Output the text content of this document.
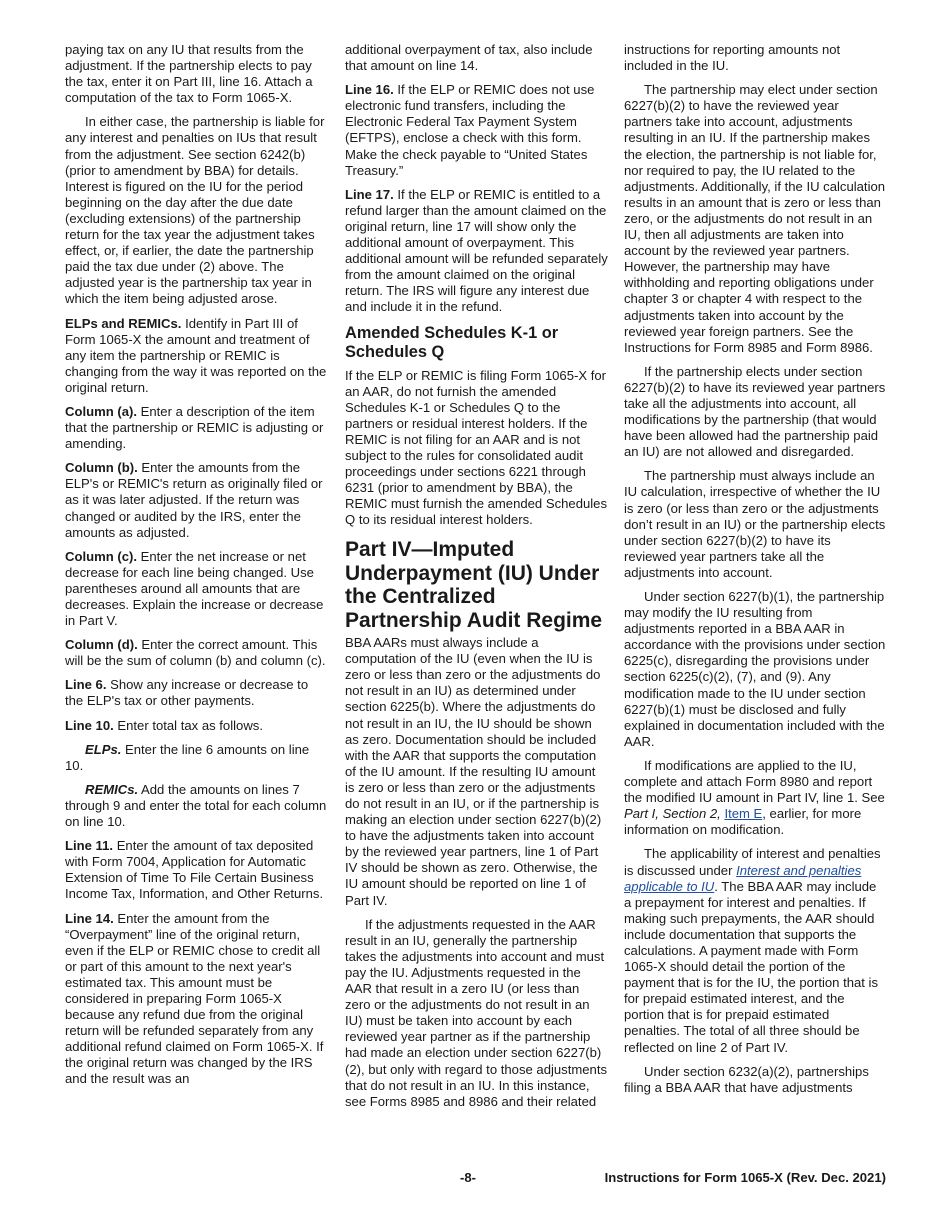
paying tax on any IU that results from the adjustment. If the partnership elects to pay the tax, enter it on Part III, line 16. Attach a computation of the tax to Form 1065-X.

In either case, the partnership is liable for any interest and penalties on IUs that result from the adjustment. See section 6242(b) (prior to amendment by BBA) for details. Interest is figured on the IU for the period beginning on the day after the due date (excluding extensions) of the partnership return for the tax year the adjustment takes effect, or, if earlier, the date the partnership paid the tax due under (2) above. The adjusted year is the partnership tax year in which the item being adjusted arose.

ELPs and REMICs. Identify in Part III of Form 1065-X the amount and treatment of any item the partnership or REMIC is changing from the way it was reported on the original return.

Column (a). Enter a description of the item that the partnership or REMIC is adjusting or amending.

Column (b). Enter the amounts from the ELP's or REMIC's return as originally filed or as it was later adjusted. If the return was changed or audited by the IRS, enter the amounts as adjusted.

Column (c). Enter the net increase or net decrease for each line being changed. Use parentheses around all amounts that are decreases. Explain the increase or decrease in Part V.

Column (d). Enter the correct amount. This will be the sum of column (b) and column (c).

Line 6. Show any increase or decrease to the ELP's tax or other payments.

Line 10. Enter total tax as follows.

ELPs. Enter the line 6 amounts on line 10.

REMICs. Add the amounts on lines 7 through 9 and enter the total for each column on line 10.

Line 11. Enter the amount of tax deposited with Form 7004, Application for Automatic Extension of Time To File Certain Business Income Tax, Information, and Other Returns.

Line 14. Enter the amount from the “Overpayment” line of the original return, even if the ELP or REMIC chose to credit all or part of this amount to the next year's estimated tax. This amount must be considered in preparing Form 1065-X because any refund due from the original return will be refunded separately from any additional refund claimed on Form 1065-X. If the original return was changed by the IRS and the result was an

additional overpayment of tax, also include that amount on line 14.

Line 16. If the ELP or REMIC does not use electronic fund transfers, including the Electronic Federal Tax Payment System (EFTPS), enclose a check with this form. Make the check payable to “United States Treasury.”

Line 17. If the ELP or REMIC is entitled to a refund larger than the amount claimed on the original return, line 17 will show only the additional amount of overpayment. This additional amount will be refunded separately from the amount claimed on the original return. The IRS will figure any interest due and include it in the refund.

Amended Schedules K-1 or Schedules Q

If the ELP or REMIC is filing Form 1065-X for an AAR, do not furnish the amended Schedules K-1 or Schedules Q to the partners or residual interest holders. If the REMIC is not filing for an AAR and is not subject to the rules for consolidated audit proceedings under sections 6221 through 6231 (prior to amendment by BBA), the REMIC must furnish the amended Schedules Q to its residual interest holders.

Part IV—Imputed Underpayment (IU) Under the Centralized Partnership Audit Regime

BBA AARs must always include a computation of the IU (even when the IU is zero or less than zero or the adjustments do not result in an IU) as determined under section 6225(b). Where the adjustments do not result in an IU, the IU should be shown as zero. Documentation should be included with the AAR that supports the computation of the IU amount. If the resulting IU amount is zero or less than zero or the adjustments do not result in an IU, or if the partnership is making an election under section 6227(b)(2) to have the adjustments taken into account by the reviewed year partners, line 1 of Part IV should be shown as zero. Otherwise, the IU amount should be reported on line 1 of Part IV.

If the adjustments requested in the AAR result in an IU, generally the partnership takes the adjustments into account and must pay the IU. Adjustments requested in the AAR that result in a zero IU (or less than zero or the adjustments do not result in an IU) must be taken into account by each reviewed year partner as if the partnership had made an election under section 6227(b)(2), but only with regard to those adjustments that do not result in an IU. In this instance, see Forms 8985 and 8986 and their related

instructions for reporting amounts not included in the IU.

The partnership may elect under section 6227(b)(2) to have the reviewed year partners take into account, adjustments resulting in an IU. If the partnership makes the election, the partnership is not liable for, nor required to pay, the IU related to the adjustments. Additionally, if the IU calculation results in an amount that is zero or less than zero, or the adjustments do not result in an IU, then all adjustments are taken into account by the reviewed year partners. However, the partnership may have withholding and reporting obligations under chapter 3 or chapter 4 with respect to the adjustments taken into account by the reviewed year foreign partners. See the Instructions for Form 8985 and Form 8986.

If the partnership elects under section 6227(b)(2) to have its reviewed year partners take all the adjustments into account, all modifications by the partnership (that would have been allowed had the partnership paid an IU) are not allowed and disregarded.

The partnership must always include an IU calculation, irrespective of whether the IU is zero (or less than zero or the adjustments don’t result in an IU) or the partnership elects under section 6227(b)(2) to have its reviewed year partners take all the adjustments into account.

Under section 6227(b)(1), the partnership may modify the IU resulting from adjustments reported in a BBA AAR in accordance with the provisions under section 6225(c), disregarding the provisions under section 6225(c)(2), (7), and (9). Any modification made to the IU under section 6227(b)(1) must be disclosed and fully explained in documentation included with the AAR.

If modifications are applied to the IU, complete and attach Form 8980 and report the modified IU amount in Part IV, line 1. See Part I, Section 2, Item E, earlier, for more information on modification.

The applicability of interest and penalties is discussed under Interest and penalties applicable to IU. The BBA AAR may include a prepayment for interest and penalties. If making such prepayments, the AAR should include documentation that supports the calculations. A payment made with Form 1065-X should detail the portion of the payment that is for the IU, the portion that is for prepaid estimated interest, and the portion that is for prepaid estimated penalties. The total of all three should be reflected on line 2 of Part IV.

Under section 6232(a)(2), partnerships filing a BBA AAR that have adjustments

-8-	Instructions for Form 1065-X (Rev. Dec. 2021)
